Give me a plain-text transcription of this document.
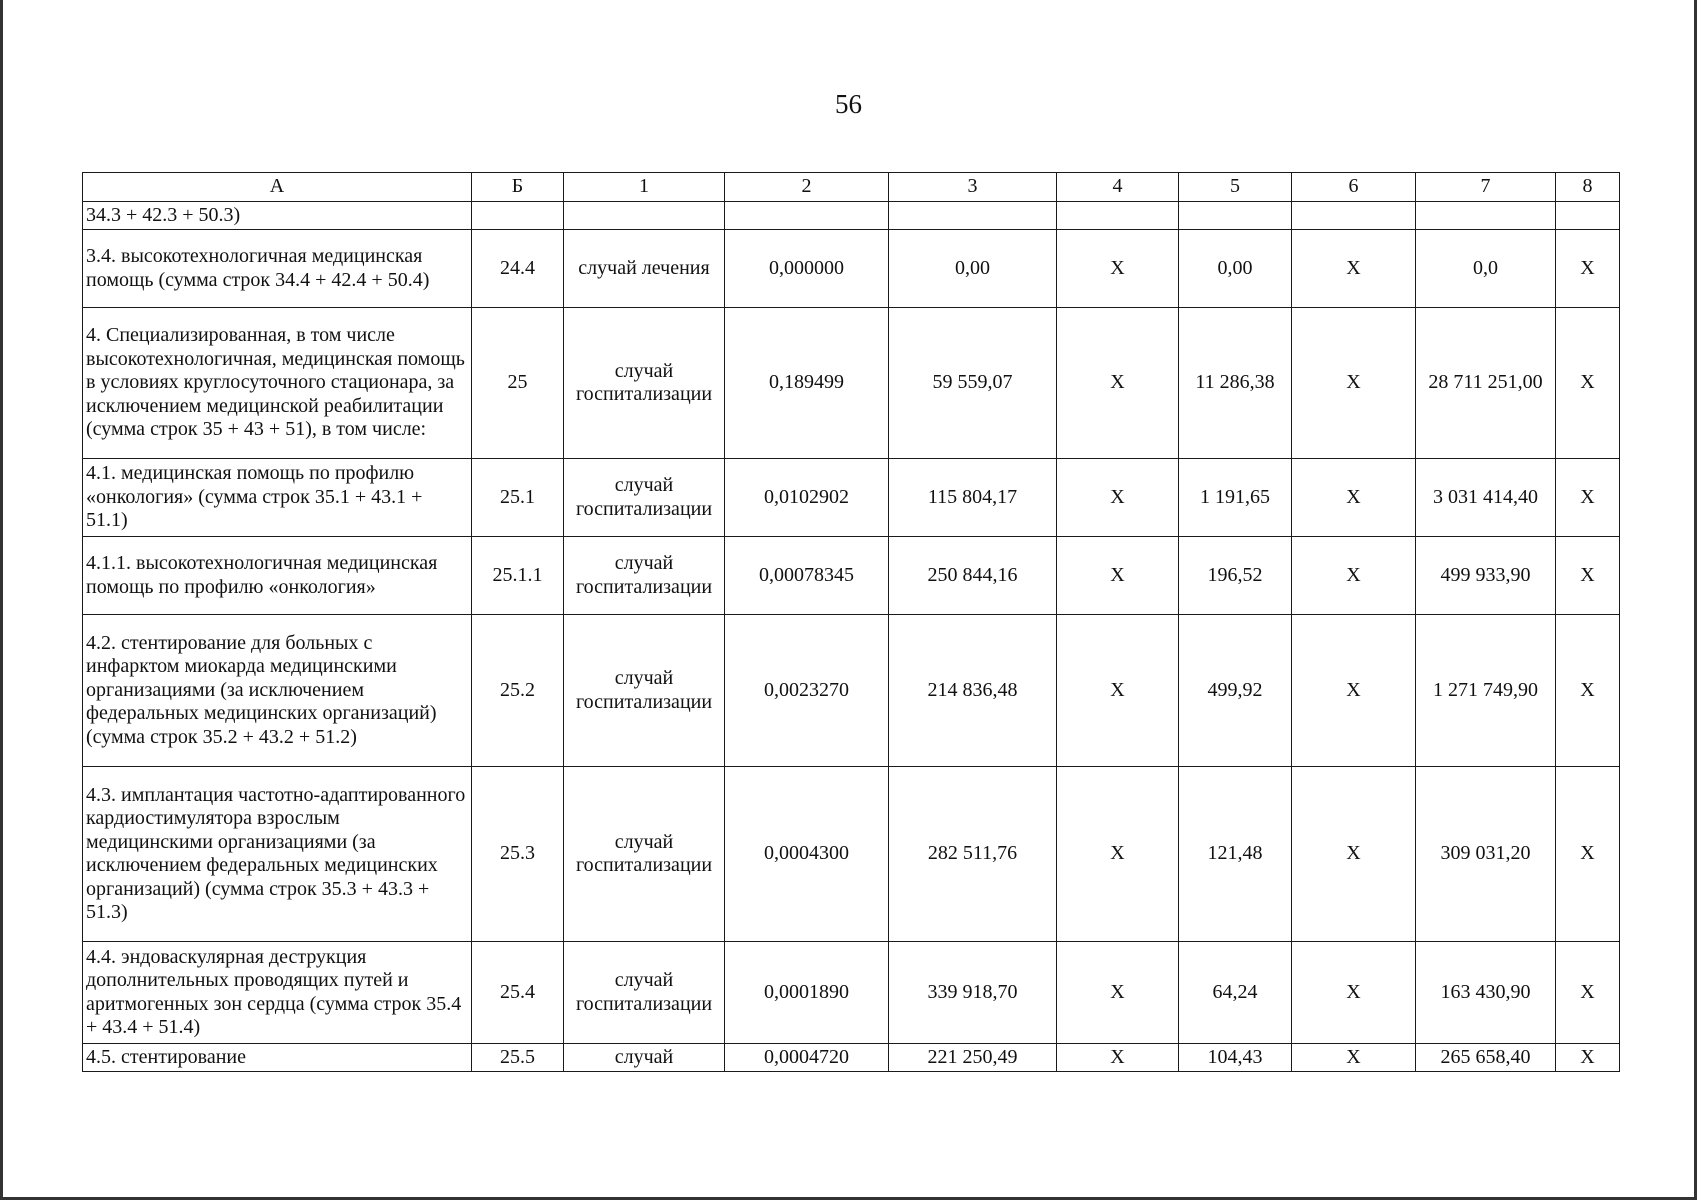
56
А	Б	1	2	3	4	5	6	7	8
34.3 + 42.3 + 50.3)									
3.4. высокотехнологичная медицинская помощь (сумма строк 34.4 + 42.4 + 50.4)	24.4	случай лечения	0,000000	0,00	X	0,00	X	0,0	X
4. Специализированная, в том числе высокотехнологичная, медицинская помощь в условиях круглосуточного стационара, за исключением медицинской реабилитации (сумма строк 35 + 43 + 51), в том числе:	25	случай госпитализации	0,189499	59 559,07	X	11 286,38	X	28 711 251,00	X
4.1. медицинская помощь по профилю «онкология» (сумма строк 35.1 + 43.1 + 51.1)	25.1	случай госпитализации	0,0102902	115 804,17	X	1 191,65	X	3 031 414,40	X
4.1.1. высокотехнологичная медицинская помощь по профилю «онкология»	25.1.1	случай госпитализации	0,00078345	250 844,16	X	196,52	X	499 933,90	X
4.2. стентирование для больных с инфарктом миокарда медицинскими организациями (за исключением федеральных медицинских организаций) (сумма строк 35.2 + 43.2 + 51.2)	25.2	случай госпитализации	0,0023270	214 836,48	X	499,92	X	1 271 749,90	X
4.3. имплантация частотно-адаптированного кардиостимулятора взрослым медицинскими организациями (за исключением федеральных медицинских организаций) (сумма строк 35.3 + 43.3 + 51.3)	25.3	случай госпитализации	0,0004300	282 511,76	X	121,48	X	309 031,20	X
4.4. эндоваскулярная деструкция дополнительных проводящих путей и аритмогенных зон сердца (сумма строк 35.4 + 43.4 + 51.4)	25.4	случай госпитализации	0,0001890	339 918,70	X	64,24	X	163 430,90	X
4.5. стентирование	25.5	случай	0,0004720	221 250,49	X	104,43	X	265 658,40	X
